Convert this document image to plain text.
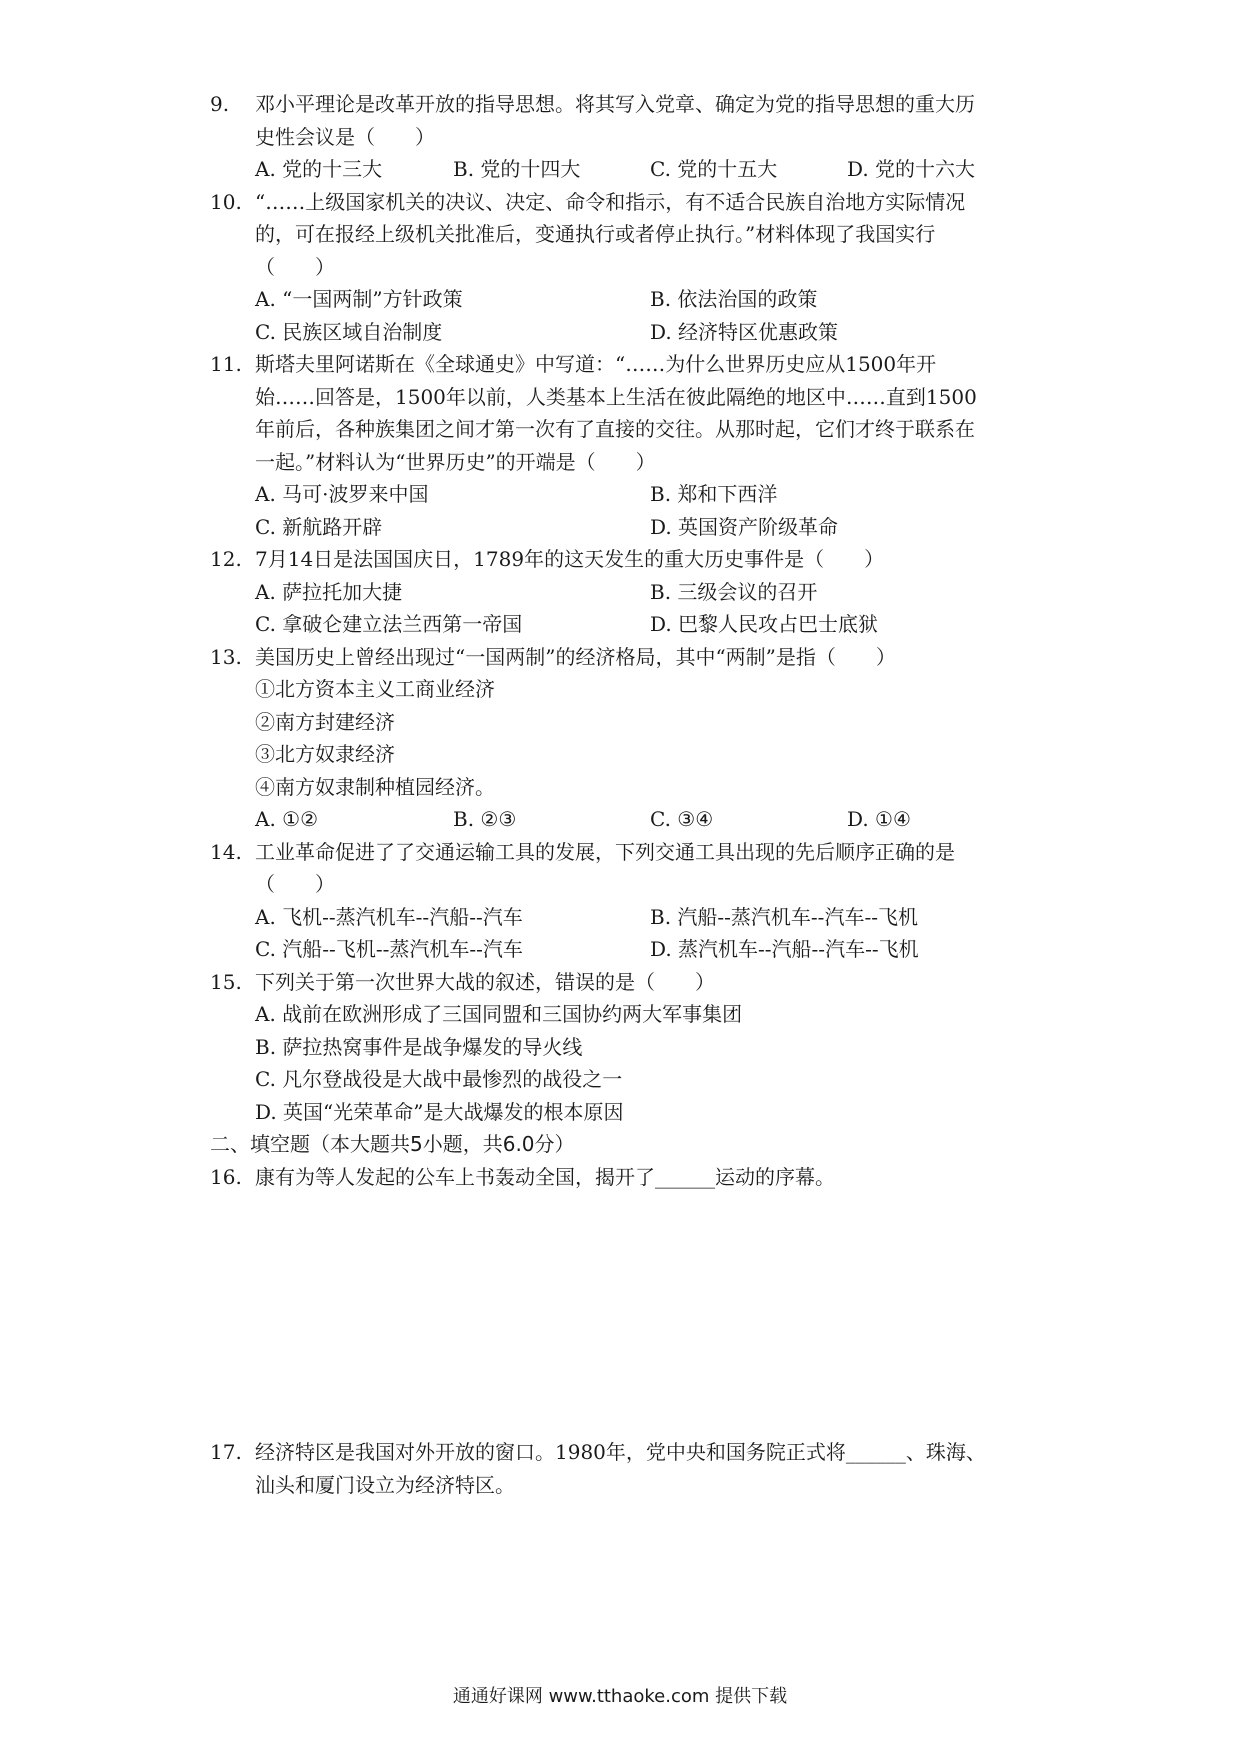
9.	邓小平理论是改革开放的指导思想。将其写入党章、确定为党的指导思想的重大历
史性会议是（　　）
A. 党的十三大	B. 党的十四大	C. 党的十五大	D. 党的十六大
10. “……上级国家机关的决议、决定、命令和指示，有不适合民族自治地方实际情况
的，可在报经上级机关批准后，变通执行或者停止执行。”材料体现了我国实行
（　　）
A. “一国两制”方针政策	B. 依法治国的政策
C. 民族区域自治制度	D. 经济特区优惠政策
11. 斯塔夫里阿诺斯在《全球通史》中写道：“……为什么世界历史应从1500年开
始……回答是，1500年以前，人类基本上生活在彼此隔绝的地区中……直到1500
年前后，各种族集团之间才第一次有了直接的交往。从那时起，它们才终于联系在
一起。”材料认为“世界历史”的开端是（　　）
A. 马可·波罗来中国	B. 郑和下西洋
C. 新航路开辟	D. 英国资产阶级革命
12. 7月14日是法国国庆日，1789年的这天发生的重大历史事件是（　　）
A. 萨拉托加大捷	B. 三级会议的召开
C. 拿破仑建立法兰西第一帝国	D. 巴黎人民攻占巴士底狱
13. 美国历史上曾经出现过“一国两制”的经济格局，其中“两制”是指（　　）
①北方资本主义工商业经济
②南方封建经济
③北方奴隶经济
④南方奴隶制种植园经济。
A. ①②	B. ②③	C. ③④	D. ①④
14. 工业革命促进了了交通运输工具的发展，下列交通工具出现的先后顺序正确的是
（　　）
A. 飞机--蒸汽机车--汽船--汽车	B. 汽船--蒸汽机车--汽车--飞机
C. 汽船--飞机--蒸汽机车--汽车	D. 蒸汽机车--汽船--汽车--飞机
15. 下列关于第一次世界大战的叙述，错误的是（　　）
A. 战前在欧洲形成了三国同盟和三国协约两大军事集团
B. 萨拉热窝事件是战争爆发的导火线
C. 凡尔登战役是大战中最惨烈的战役之一
D. 英国“光荣革命”是大战爆发的根本原因
二、填空题（本大题共5小题，共6.0分）
16. 康有为等人发起的公车上书轰动全国，揭开了______运动的序幕。
17. 经济特区是我国对外开放的窗口。1980年，党中央和国务院正式将______、珠海、
汕头和厦门设立为经济特区。
通通好课网 www.tthaoke.com 提供下载
